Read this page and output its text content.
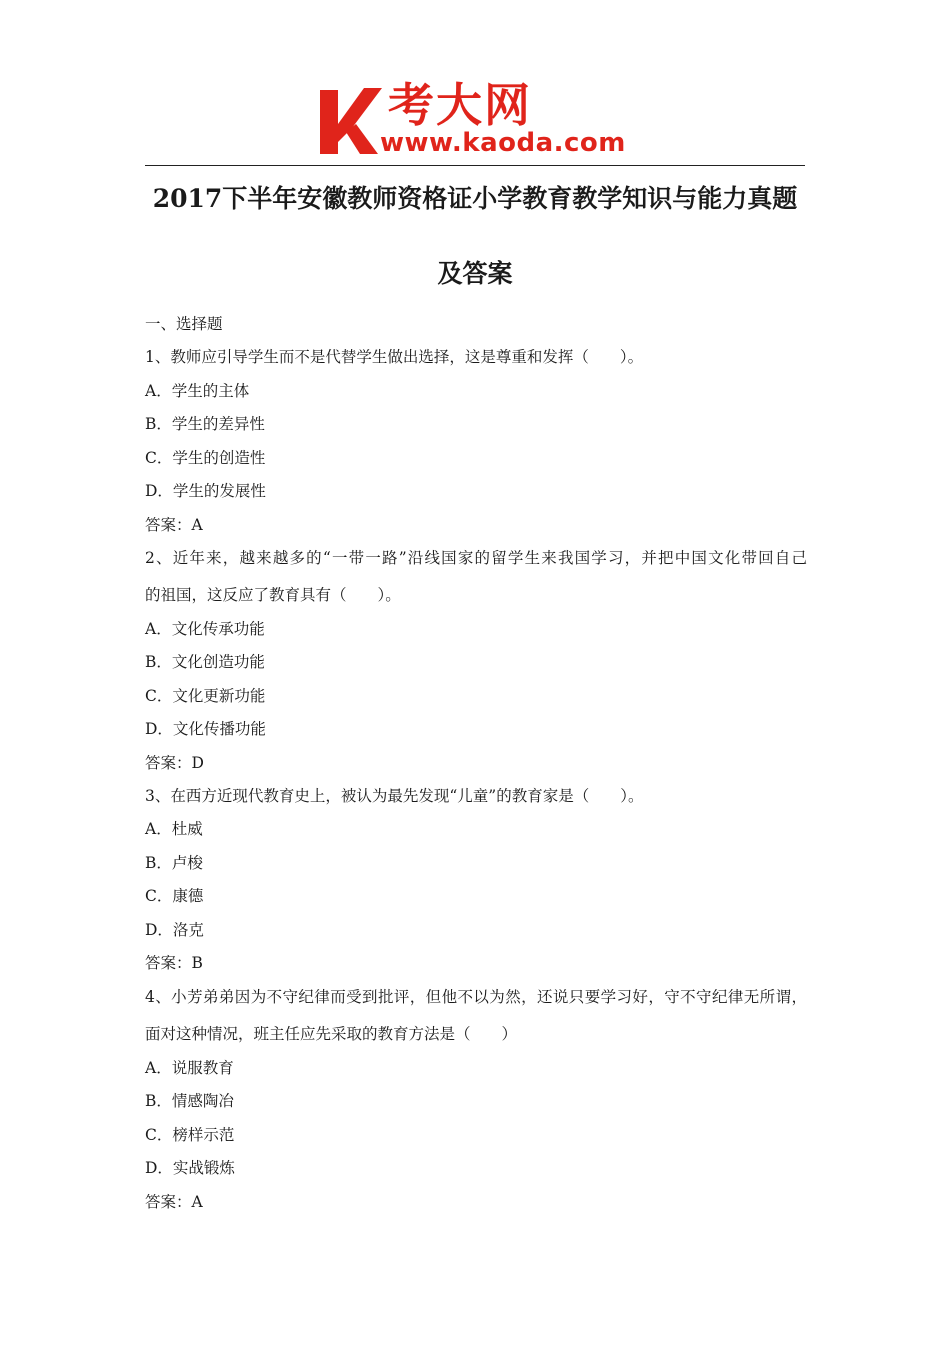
考大网
www.kaoda.com
2017下半年安徽教师资格证小学教育教学知识与能力真题
及答案
一、选择题
1、教师应引导学生而不是代替学生做出选择，这是尊重和发挥（　　）。
A．学生的主体
B．学生的差异性
C．学生的创造性
D．学生的发展性
答案：A
2、近年来，越来越多的“一带一路”沿线国家的留学生来我国学习，并把中国文化带回自己
的祖国，这反应了教育具有（　　）。
A．文化传承功能
B．文化创造功能
C．文化更新功能
D．文化传播功能
答案：D
3、在西方近现代教育史上，被认为最先发现“儿童”的教育家是（　　）。
A．杜威
B．卢梭
C．康德
D．洛克
答案：B
4、小芳弟弟因为不守纪律而受到批评，但他不以为然，还说只要学习好，守不守纪律无所谓，
面对这种情况，班主任应先采取的教育方法是（　　）
A．说服教育
B．情感陶冶
C．榜样示范
D．实战锻炼
答案：A
